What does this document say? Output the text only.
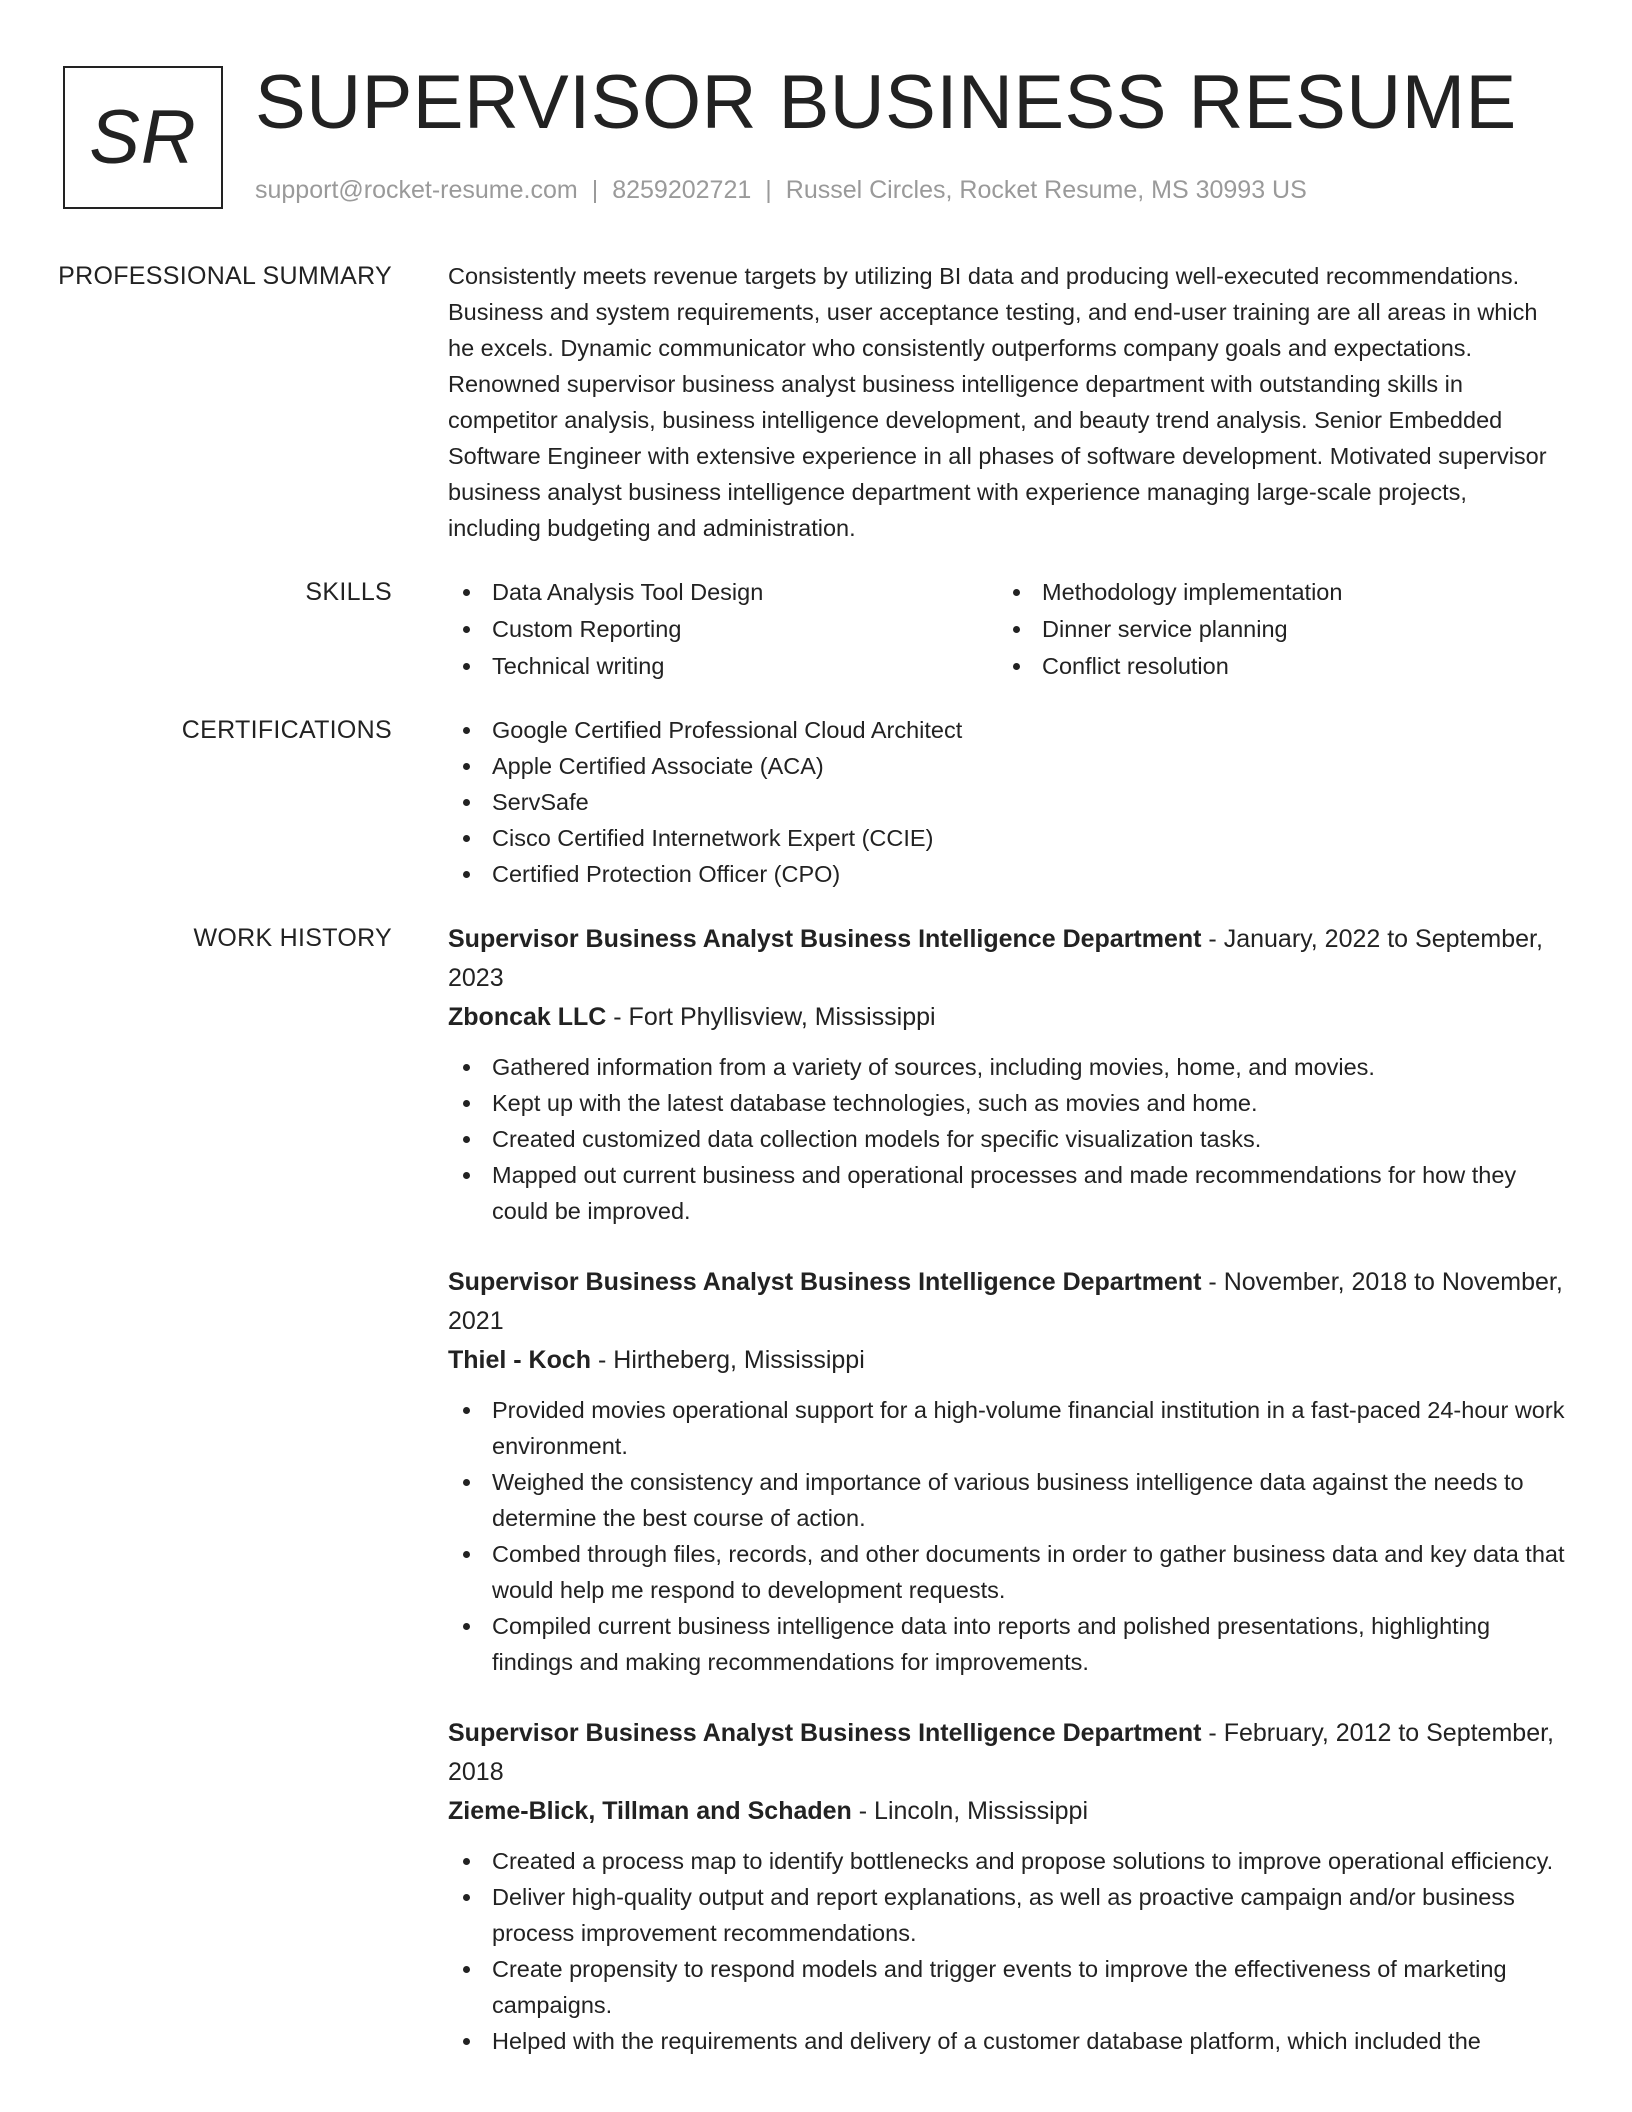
SR SUPERVISOR BUSINESS RESUME
support@rocket-resume.com | 8259202721 | Russel Circles, Rocket Resume, MS 30993 US
PROFESSIONAL SUMMARY	Consistently meets revenue targets by utilizing BI data and producing well-executed recommendations. Business and system requirements, user acceptance testing, and end-user training are all areas in which he excels. Dynamic communicator who consistently outperforms company goals and expectations. Renowned supervisor business analyst business intelligence department with outstanding skills in competitor analysis, business intelligence development, and beauty trend analysis. Senior Embedded Software Engineer with extensive experience in all phases of software development. Motivated supervisor business analyst business intelligence department with experience managing large-scale projects, including budgeting and administration.

SKILLS	Data Analysis Tool Design	Methodology implementation
Custom Reporting	Dinner service planning
Technical writing	Conflict resolution
CERTIFICATIONS	Google Certified Professional Cloud Architect
Apple Certified Associate (ACA)
ServSafe
Cisco Certified Internetwork Expert (CCIE)
Certified Protection Officer (CPO)
WORK HISTORY	Supervisor Business Analyst Business Intelligence Department - January, 2022 to September, 2023
Zboncak LLC - Fort Phyllisview, Mississippi
Gathered information from a variety of sources, including movies, home, and movies.
Kept up with the latest database technologies, such as movies and home.
Created customized data collection models for specific visualization tasks.
Mapped out current business and operational processes and made recommendations for how they could be improved.
Supervisor Business Analyst Business Intelligence Department - November, 2018 to November, 2021
Thiel - Koch - Hirtheberg, Mississippi
Provided movies operational support for a high-volume financial institution in a fast-paced 24-hour work environment.
Weighed the consistency and importance of various business intelligence data against the needs to determine the best course of action.
Combed through files, records, and other documents in order to gather business data and key data that would help me respond to development requests.
Compiled current business intelligence data into reports and polished presentations, highlighting findings and making recommendations for improvements.
Supervisor Business Analyst Business Intelligence Department - February, 2012 to September, 2018
Zieme-Blick, Tillman and Schaden - Lincoln, Mississippi
Created a process map to identify bottlenecks and propose solutions to improve operational efficiency.
Deliver high-quality output and report explanations, as well as proactive campaign and/or business process improvement recommendations.
Create propensity to respond models and trigger events to improve the effectiveness of marketing campaigns.
Helped with the requirements and delivery of a customer database platform, which included the
